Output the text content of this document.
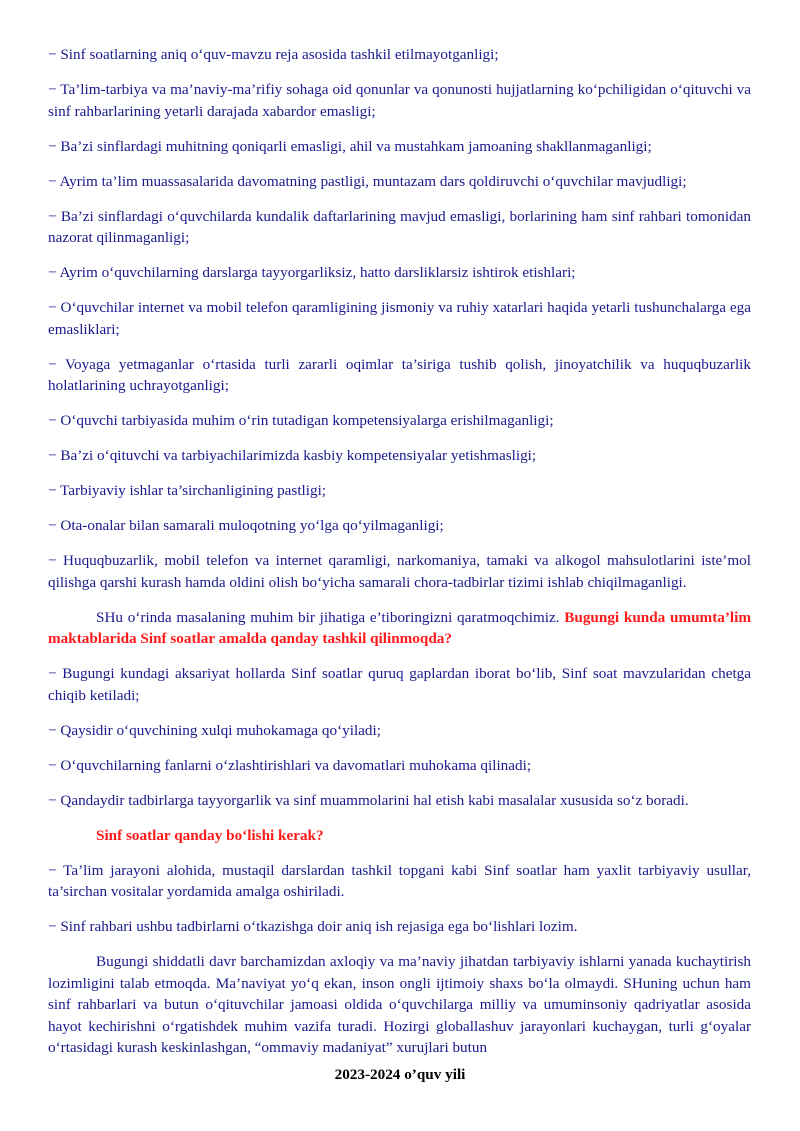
− Sinf soatlarning aniq o‘quv-mavzu reja asosida tashkil etilmayotganligi;

− Ta’lim-tarbiya va ma’naviy-ma’rifiy sohaga oid qonunlar va qonunosti hujjatlarning ko‘pchiligidan o‘qituvchi va sinf rahbarlarining yetarli darajada xabardor emasligi;

− Ba’zi sinflardagi muhitning qoniqarli emasligi, ahil va mustahkam jamoaning shakllanmaganligi;

− Ayrim ta’lim muassasalarida davomatning pastligi, muntazam dars qoldiruvchi o‘quvchilar mavjudligi;

− Ba’zi sinflardagi o‘quvchilarda kundalik daftarlarining mavjud emasligi, borlarining ham sinf rahbari tomonidan nazorat qilinmaganligi;

− Ayrim o‘quvchilarning darslarga tayyorgarliksiz, hatto darsliklarsiz ishtirok etishlari;

− O‘quvchilar internet va mobil telefon qaramligining jismoniy va ruhiy xatarlari haqida yetarli tushunchalarga ega emasliklari;

− Voyaga yetmaganlar o‘rtasida turli zararli oqimlar ta’siriga tushib qolish, jinoyatchilik va huquqbuzarlik holatlarining uchrayotganligi;

− O‘quvchi tarbiyasida muhim o‘rin tutadigan kompetensiyalarga erishilmaganligi;

− Ba’zi o‘qituvchi va tarbiyachilarimizda kasbiy kompetensiyalar yetishmasligi;

− Tarbiyaviy ishlar ta’sirchanligining pastligi;

− Ota-onalar bilan samarali muloqotning yo‘lga qo‘yilmaganligi;

− Huquqbuzarlik, mobil telefon va internet qaramligi, narkomaniya, tamaki va alkogol mahsulotlarini iste’mol qilishga qarshi kurash hamda oldini olish bo‘yicha samarali chora-tadbirlar tizimi ishlab chiqilmaganligi.

SHu o‘rinda masalaning muhim bir jihatiga e’tiboringizni qaratmoqchimiz. Bugungi kunda umumta’lim maktablarida Sinf soatlar amalda qanday tashkil qilinmoqda?

− Bugungi kundagi aksariyat hollarda Sinf soatlar quruq gaplardan iborat bo‘lib, Sinf soat mavzularidan chetga chiqib ketiladi;

− Qaysidir o‘quvchining xulqi muhokamaga qo‘yiladi;

− O‘quvchilarning fanlarni o‘zlashtirishlari va davomatlari muhokama qilinadi;

− Qandaydir tadbirlarga tayyorgarlik va sinf muammolarini hal etish kabi masalalar xususida so‘z boradi.

Sinf soatlar qanday bo‘lishi kerak?

− Ta’lim jarayoni alohida, mustaqil darslardan tashkil topgani kabi Sinf soatlar ham yaxlit tarbiyaviy usullar, ta’sirchan vositalar yordamida amalga oshiriladi.

− Sinf rahbari ushbu tadbirlarni o‘tkazishga doir aniq ish rejasiga ega bo‘lishlari lozim.

Bugungi shiddatli davr barchamizdan axloqiy va ma’naviy jihatdan tarbiyaviy ishlarni yanada kuchaytirish lozimligini talab etmoqda. Ma’naviyat yo‘q ekan, inson ongli ijtimoiy shaxs bo‘la olmaydi. SHuning uchun ham sinf rahbarlari va butun o‘qituvchilar jamoasi oldida o‘quvchilarga milliy va umuminsoniy qadriyatlar asosida hayot kechirishni o‘rgatishdek muhim vazifa turadi. Hozirgi globallashuv jarayonlari kuchaygan, turli g‘oyalar o‘rtasidagi kurash keskinlashgan, “ommaviy madaniyat” xurujlari butun

2023-2024 o’quv yili
